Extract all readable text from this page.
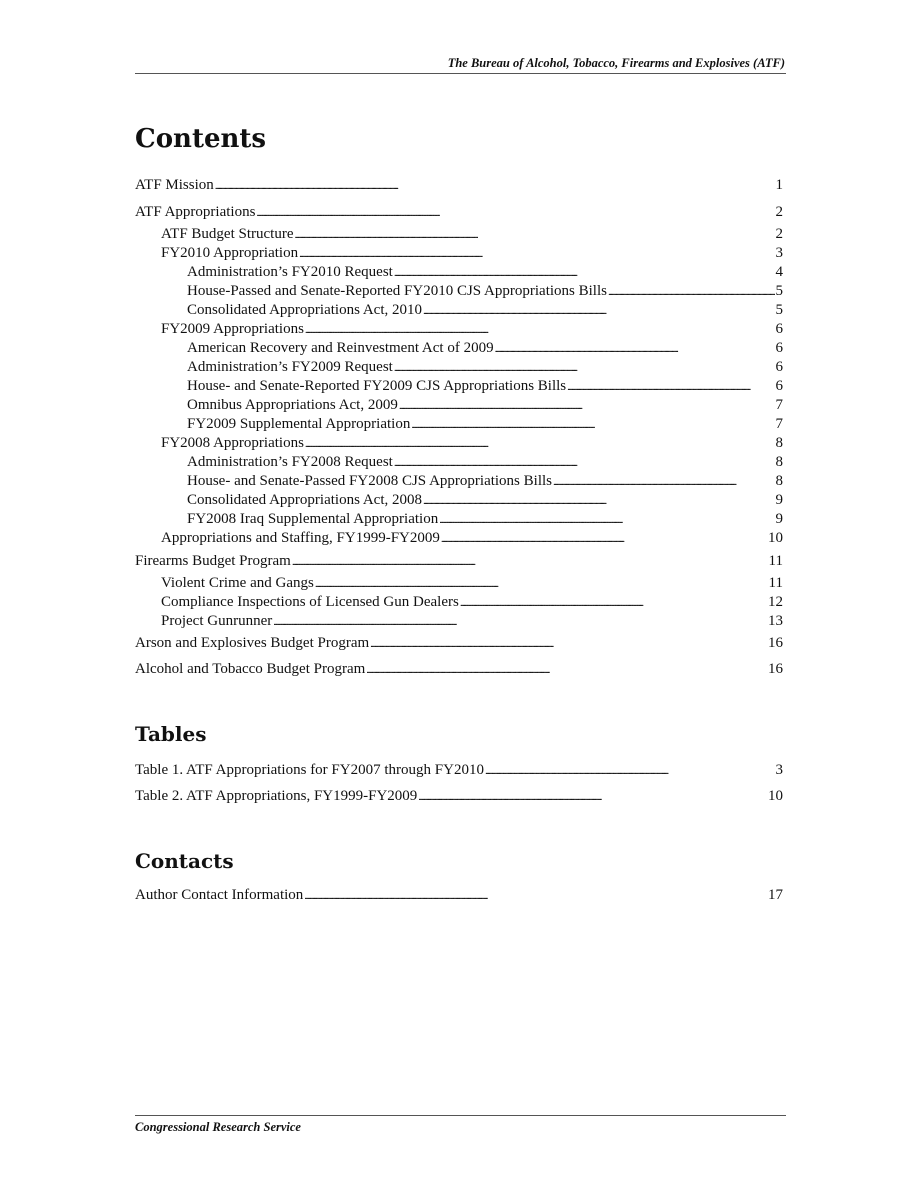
The Bureau of Alcohol, Tobacco, Firearms and Explosives (ATF)
Contents
ATF Mission . . .	1
ATF Appropriations . . .	2
ATF Budget Structure . . .	2
FY2010 Appropriation . . .	3
Administration’s FY2010 Request . . .	4
House-Passed and Senate-Reported FY2010 CJS Appropriations Bills . . .	5
Consolidated Appropriations Act, 2010 . . .	5
FY2009 Appropriations . . .	6
American Recovery and Reinvestment Act of 2009 . . .	6
Administration’s FY2009 Request . . .	6
House- and Senate-Reported FY2009 CJS Appropriations Bills . . .	6
Omnibus Appropriations Act, 2009 . . .	7
FY2009 Supplemental Appropriation . . .	7
FY2008 Appropriations . . .	8
Administration’s FY2008 Request . . .	8
House- and Senate-Passed FY2008 CJS Appropriations Bills . . .	8
Consolidated Appropriations Act, 2008 . . .	9
FY2008 Iraq Supplemental Appropriation . . .	9
Appropriations and Staffing, FY1999-FY2009 . . .	10
Firearms Budget Program . . .	11
Violent Crime and Gangs . . .	11
Compliance Inspections of Licensed Gun Dealers . . .	12
Project Gunrunner . . .	13
Arson and Explosives Budget Program . . .	16
Alcohol and Tobacco Budget Program . . .	16
Tables
Table 1. ATF Appropriations for FY2007 through FY2010 . . .	3
Table 2. ATF Appropriations, FY1999-FY2009 . . .	10
Contacts
Author Contact Information . . .	17
Congressional Research Service
